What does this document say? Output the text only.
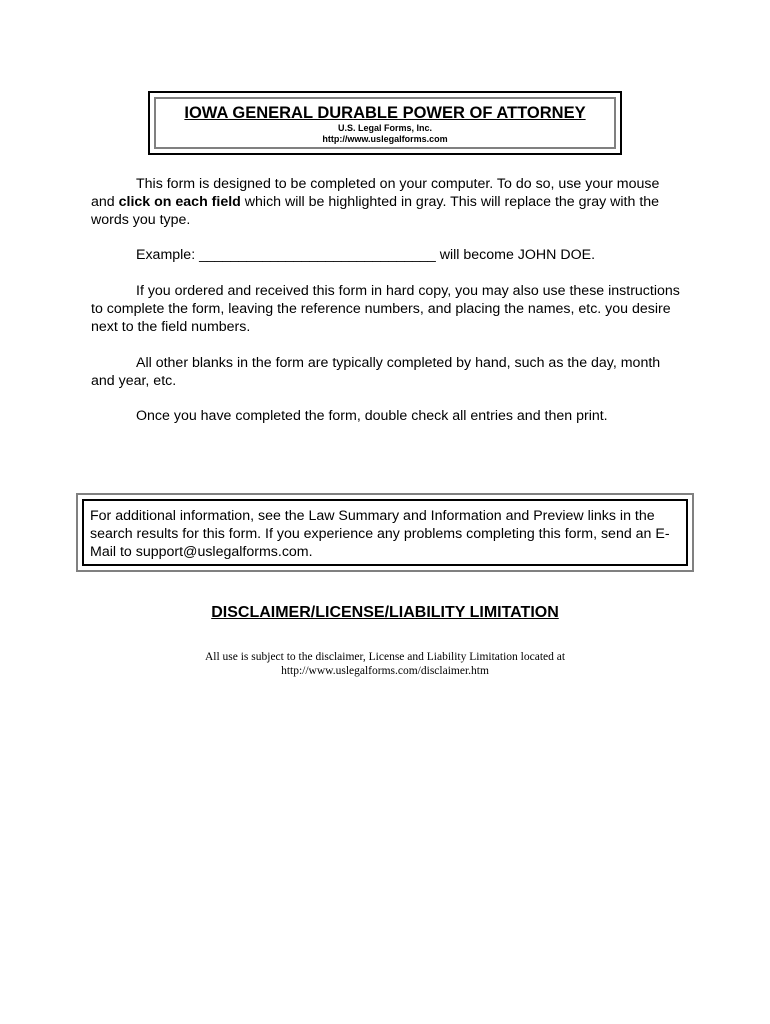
IOWA GENERAL DURABLE POWER OF ATTORNEY
U.S. Legal Forms, Inc.
http://www.uslegalforms.com

This form is designed to be completed on your computer. To do so, use your mouse and click on each field which will be highlighted in gray. This will replace the gray with the words you type.

Example: ______________________________ will become JOHN DOE.

If you ordered and received this form in hard copy, you may also use these instructions to complete the form, leaving the reference numbers, and placing the names, etc. you desire next to the field numbers.

All other blanks in the form are typically completed by hand, such as the day, month and year, etc.

Once you have completed the form, double check all entries and then print.

For additional information, see the Law Summary and Information and Preview links in the search results for this form. If you experience any problems completing this form, send an E-Mail to support@uslegalforms.com.
DISCLAIMER/LICENSE/LIABILITY LIMITATION
All use is subject to the disclaimer, License and Liability Limitation located at
http://www.uslegalforms.com/disclaimer.htm
